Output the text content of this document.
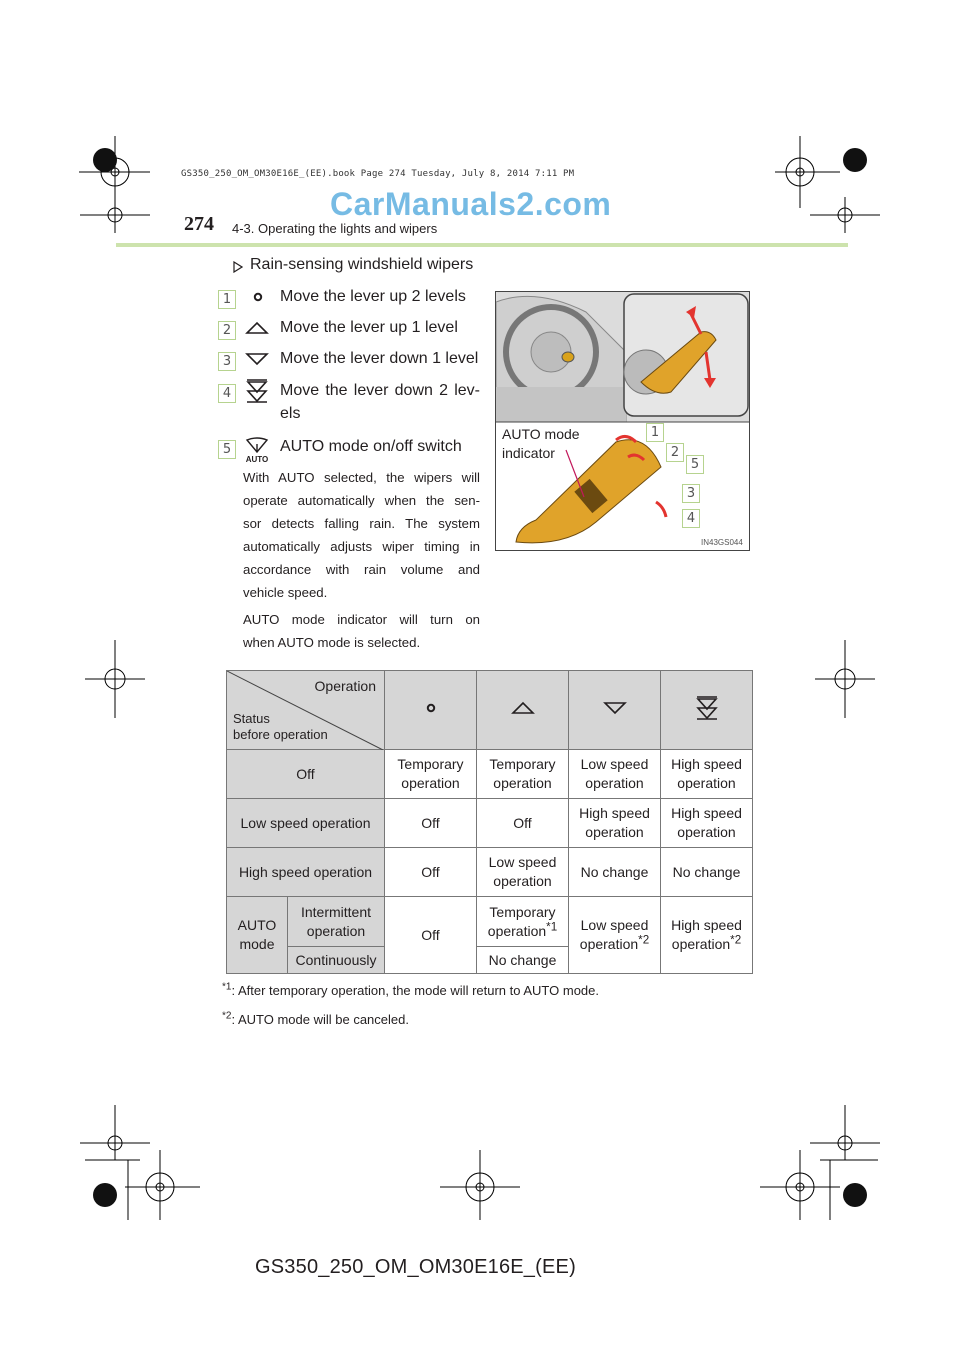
GS350_250_OM_OM30E16E_(EE).book Page 274 Tuesday, July 8, 2014 7:11 PM
CarManuals2.com
274 4-3. Operating the lights and wipers
Rain-sensing windshield wipers
1	Move the lever up 2 levels
2	Move the lever up 1 level
3	Move the lever down 1 level
4	Move the lever down 2 lev-
els
5
AUTO
AUTO mode on/off switch
With AUTO selected, the wipers will
operate automatically when the sen-
sor detects falling rain. The system
automatically adjusts wiper timing in
accordance with rain volume and
vehicle speed.
AUTO mode indicator will turn on
when AUTO mode is selected.
AUTO mode
indicator
1
2
5
3
4
IN43GS044
Operation
Status
before operation

Off		Temporary operation	Temporary operation	Low speed operation	High speed operation
Low speed operation		Off	Off	High speed operation	High speed operation
High speed operation		Off	Low speed operation	No change	No change
AUTO mode	Intermittent operation	Off	Temporary operation$^{*1}$	Low speed operation$^{*2}$	High speed operation$^{*2}$
	Continuously		No change		
$^{*1}$: After temporary operation, the mode will return to AUTO mode.
$^{*2}$: AUTO mode will be canceled.
GS350_250_OM_OM30E16E_(EE)
